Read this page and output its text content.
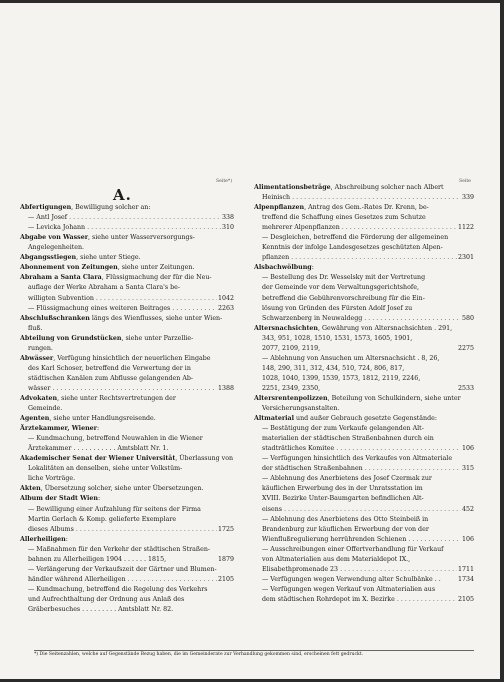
Seite*)	Seite
A.
Abfertigungen, Bewilligung solcher an:
— Antl Josef . . .	338
— Levicka Johann . . .	310
Abgabe von Wasser, siehe unter Wasserversorgungs-
Angelegenheiten.
Abgangsstiegen, siehe unter Stiege.
Abonnement von Zeitungen, siehe unter Zeitungen.
Abraham a Santa Clara, Flüssigmachung der für die Neu-
auflage der Werke Abraham a Santa Clara's be-
willigten Subvention . . .	1042
— Flüssigmachung eines weiteren Beitrages . . .	2263
Abschlußschranken längs des Wienflusses, siehe unter Wien-
fluß.
Abteilung von Grundstücken, siehe unter Parzellie-
rungen.
Abwässer, Verfügung hinsichtlich der neuerlichen Eingabe
des Karl Schoser, betreffend die Verwertung der in
städtischen Kanälen zum Abflusse gelangenden Ab-
wässer . . .	1388
Advokaten, siehe unter Rechtsvertretungen der
Gemeinde.
Agenten, siehe unter Handlungsreisende.
Ärztekammer, Wiener:
— Kundmachung, betreffend Neuwahlen in die Wiener
Ärztekammer . . . . . . . . . . . Amtsblatt Nr. 1.
Akademischer Senat der Wiener Universität, Überlassung von
Lokalitäten an denselben, siehe unter Volkstüm-
liche Vorträge.
Akten, Übersetzung solcher, siehe unter Übersetzungen.
Album der Stadt Wien:
— Bewilligung einer Aufzahlung für seitens der Firma
Martin Gerlach & Komp. gelieferte Exemplare
dieses Albums . . .	1725
Allerheiligen:
— Maßnahmen für den Verkehr der städtischen Straßen-
bahnen zu Allerheiligen 1904 . . . . . . 1815,	1879
— Verlängerung der Verkaufszeit der Gärtner und Blumen-
händler während Allerheiligen . . .	2105
— Kundmachung, betreffend die Regelung des Verkehrs
und Aufrechthaltung der Ordnung aus Anlaß des
Gräberbesuches . . . . . . . . . Amtsblatt Nr. 82.
Alimentationsbeträge, Abschreibung solcher nach Albert
Heinisch . . .	339
Alpenpflanzen, Antrag des Gem.-Rates Dr. Krenn, be-
treffend die Schaffung eines Gesetzes zum Schutze
mehrerer Alpenpflanzen . . .	1122
— Desgleichen, betreffend die Förderung der allgemeinen
Kenntnis der infolge Landesgesetzes geschützten Alpen-
pflanzen . . .	2301
Alsbachwölbung:
— Bestellung des Dr. Wesselsky mit der Vertretung
der Gemeinde vor dem Verwaltungsgerichtshofe,
betreffend die Gebührenvorschreibung für die Ein-
lösung von Gründen des Fürsten Adolf Josef zu
Schwarzenberg in Neuwaldegg . . .	580
Altersnachsichten, Gewährung von Altersnachsichten . 291,
343, 951, 1028, 1510, 1531, 1573, 1605, 1901,
2077, 2109, 2119,	2275
— Ablehnung von Ansuchen um Altersnachsicht . 8, 26,
148, 290, 311, 312, 434, 510, 724, 806, 817,
1028, 1040, 1399, 1539, 1573, 1812, 2119, 2246,
2251, 2349, 2350,	2533
Altersrentenpolizzen, Beteilung von Schulkindern, siehe unter
Versicherungsanstalten.
Altmaterial und außer Gebrauch gesetzte Gegenstände:
— Bestätigung der zum Verkaufe gelangenden Alt-
materialien der städtischen Straßenbahnen durch ein
stadträtliches Komitee . . .	106
— Verfügungen hinsichtlich des Verkaufes von Altmateriale
der städtischen Straßenbahnen . . .	315
— Ablehnung des Anerbietens des Josef Czermak zur
käuflichen Erwerbung des in der Unratsstation im
XVIII. Bezirke Unter-Baumgarten befindlichen Alt-
eisens . . .	452
— Ablehnung des Anerbietens des Otto Steinbeiß in
Brandenburg zur käuflichen Erwerbung der von der
Wienflußregulierung herrührenden Schienen . . .	106
— Ausschreibungen einer Offertverhandlung für Verkauf
von Altmaterialien aus dem Materialdepot IX.,
Elisabethpromenade 23 . . .	1711
— Verfügungen wegen Verwendung alter Schulbänke . .	1734
— Verfügungen wegen Verkauf von Altmaterialien aus
dem städtischen Rohrdepot im X. Bezirke . . .	2105
*) Die Seitenzahlen, welche auf Gegenstände Bezug haben, die im Gemeinderate zur Verhandlung gekommen sind, erscheinen fett gedruckt.
